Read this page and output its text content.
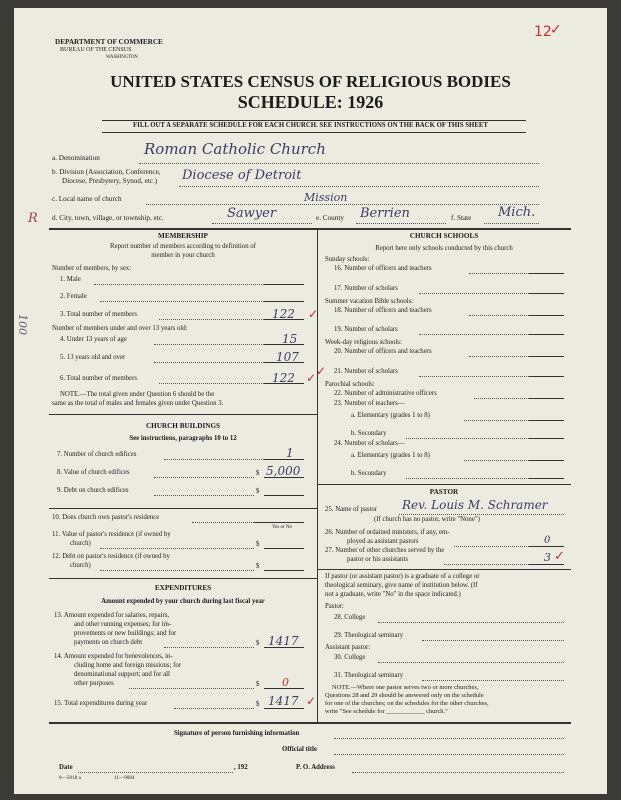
12
✓
DEPARTMENT OF COMMERCE
BUREAU OF THE CENSUS
WASHINGTON
UNITED STATES CENSUS OF RELIGIOUS BODIES
SCHEDULE: 1926
FILL OUT A SEPARATE SCHEDULE FOR EACH CHURCH. SEE INSTRUCTIONS ON THE BACK OF THIS SHEET
a. Denomination	Roman Catholic Church
b. Division (Association, Conference,
Diocese, Presbytery, Synod, etc.) Diocese of Detroit
c. Local name of church	Mission
d. City, town, village, or township, etc.	Sawyer	e. County Berrien	f. State Mich.
R
100
MEMBERSHIP
Report number of members according to definition of
member in your church
Number of members, by sex:
1. Male
2. Female
3. Total number of members	122 ✓
Number of members under and over 13 years old:
4. Under 13 years of age	15
5. 13 years old and over	107
6. Total number of members	122 ✓
NOTE.—The total given under Question 6 should be the
same as the total of males and females given under Question 3.
CHURCH BUILDINGS
See instructions, paragraphs 10 to 12
7. Number of church edifices	1
8. Value of church edifices	$ 5,000
9. Debt on church edifices	$
10. Does church own pastor's residence
Yes or No
11. Value of pastor's residence (if owned by
church)	$
12. Debt on pastor's residence (if owned by
church)	$
EXPENDITURES
Amount expended by your church during last fiscal year
13. Amount expended for salaries, repairs,
and other running expenses; for im-
provements or new buildings; and for
payments on church debt	$ 1417
14. Amount expended for benevolences, in-
cluding home and foreign missions; for
denominational support; and for all
other purposes	$ 0
15. Total expenditures during year	$ 1417 ✓
CHURCH SCHOOLS
Report here only schools conducted by this church
Sunday schools:
16. Number of officers and teachers
17. Number of scholars
Summer vacation Bible schools:
18. Number of officers and teachers
19. Number of scholars
Week-day religious schools:
20. Number of officers and teachers
21. Number of scholars
✓
Parochial schools:
22. Number of administrative officers
23. Number of teachers—
a. Elementary (grades 1 to 8)
b. Secondary
24. Number of scholars—
a. Elementary (grades 1 to 8)
b. Secondary
PASTOR
25. Name of pastor Rev. Louis M. Schramer
(If church has no pastor, write "None")
26. Number of ordained ministers, if any, em-
ployed as assistant pastors	0
27. Number of other churches served by the
pastor or his assistants	3 ✓
If pastor (or assistant pastor) is a graduate of a college or
theological seminary, give name of institution below. (If
not a graduate, write "No" in the space indicated.)
Pastor:
28. College
29. Theological seminary
Assistant pastor:
30. College
31. Theological seminary
NOTE.—Where one pastor serves two or more churches,
Questions 28 and 29 should be answered only on the schedule
for one of the churches; on the schedules for the other churches,
write "See schedule for ____________ church."
Signature of person furnishing information
Official title
Date	, 192	P. O. Address
8—5818 a	11—9084
